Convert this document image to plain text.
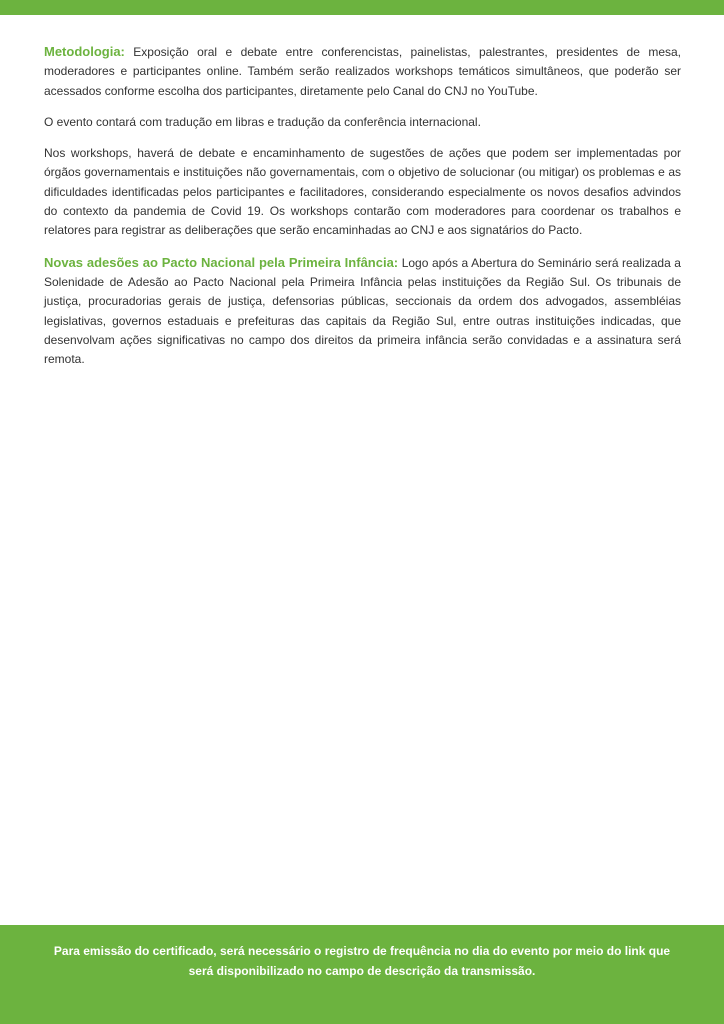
Metodologia: Exposição oral e debate entre conferencistas, painelistas, palestrantes, presidentes de mesa, moderadores e participantes online. Também serão realizados workshops temáticos simultâneos, que poderão ser acessados conforme escolha dos participantes, diretamente pelo Canal do CNJ no YouTube.

O evento contará com tradução em libras e tradução da conferência internacional.

Nos workshops, haverá de debate e encaminhamento de sugestões de ações que podem ser implementadas por órgãos governamentais e instituições não governamentais, com o objetivo de solucionar (ou mitigar) os problemas e as dificuldades identificadas pelos participantes e facilitadores, considerando especialmente os novos desafios advindos do contexto da pandemia de Covid 19. Os workshops contarão com moderadores para coordenar os trabalhos e relatores para registrar as deliberações que serão encaminhadas ao CNJ e aos signatários do Pacto.

Novas adesões ao Pacto Nacional pela Primeira Infância: Logo após a Abertura do Seminário será realizada a Solenidade de Adesão ao Pacto Nacional pela Primeira Infância pelas instituições da Região Sul. Os tribunais de justiça, procuradorias gerais de justiça, defensorias públicas, seccionais da ordem dos advogados, assembléias legislativas, governos estaduais e prefeituras das capitais da Região Sul, entre outras instituições indicadas, que desenvolvam ações significativas no campo dos direitos da primeira infância serão convidadas e a assinatura será remota.

Para emissão do certificado, será necessário o registro de frequência no dia do evento por meio do link que será disponibilizado no campo de descrição da transmissão.
